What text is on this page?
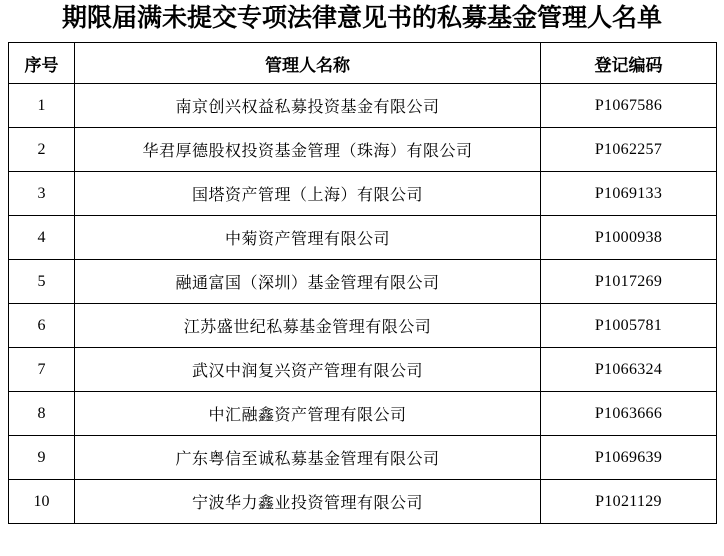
期限届满未提交专项法律意见书的私募基金管理人名单
序号	管理人名称	登记编码
1	南京创兴权益私募投资基金有限公司	P1067586
2	华君厚德股权投资基金管理（珠海）有限公司	P1062257
3	国塔资产管理（上海）有限公司	P1069133
4	中菊资产管理有限公司	P1000938
5	融通富国（深圳）基金管理有限公司	P1017269
6	江苏盛世纪私募基金管理有限公司	P1005781
7	武汉中润复兴资产管理有限公司	P1066324
8	中汇融鑫资产管理有限公司	P1063666
9	广东粤信至诚私募基金管理有限公司	P1069639
10	宁波华力鑫业投资管理有限公司	P1021129
